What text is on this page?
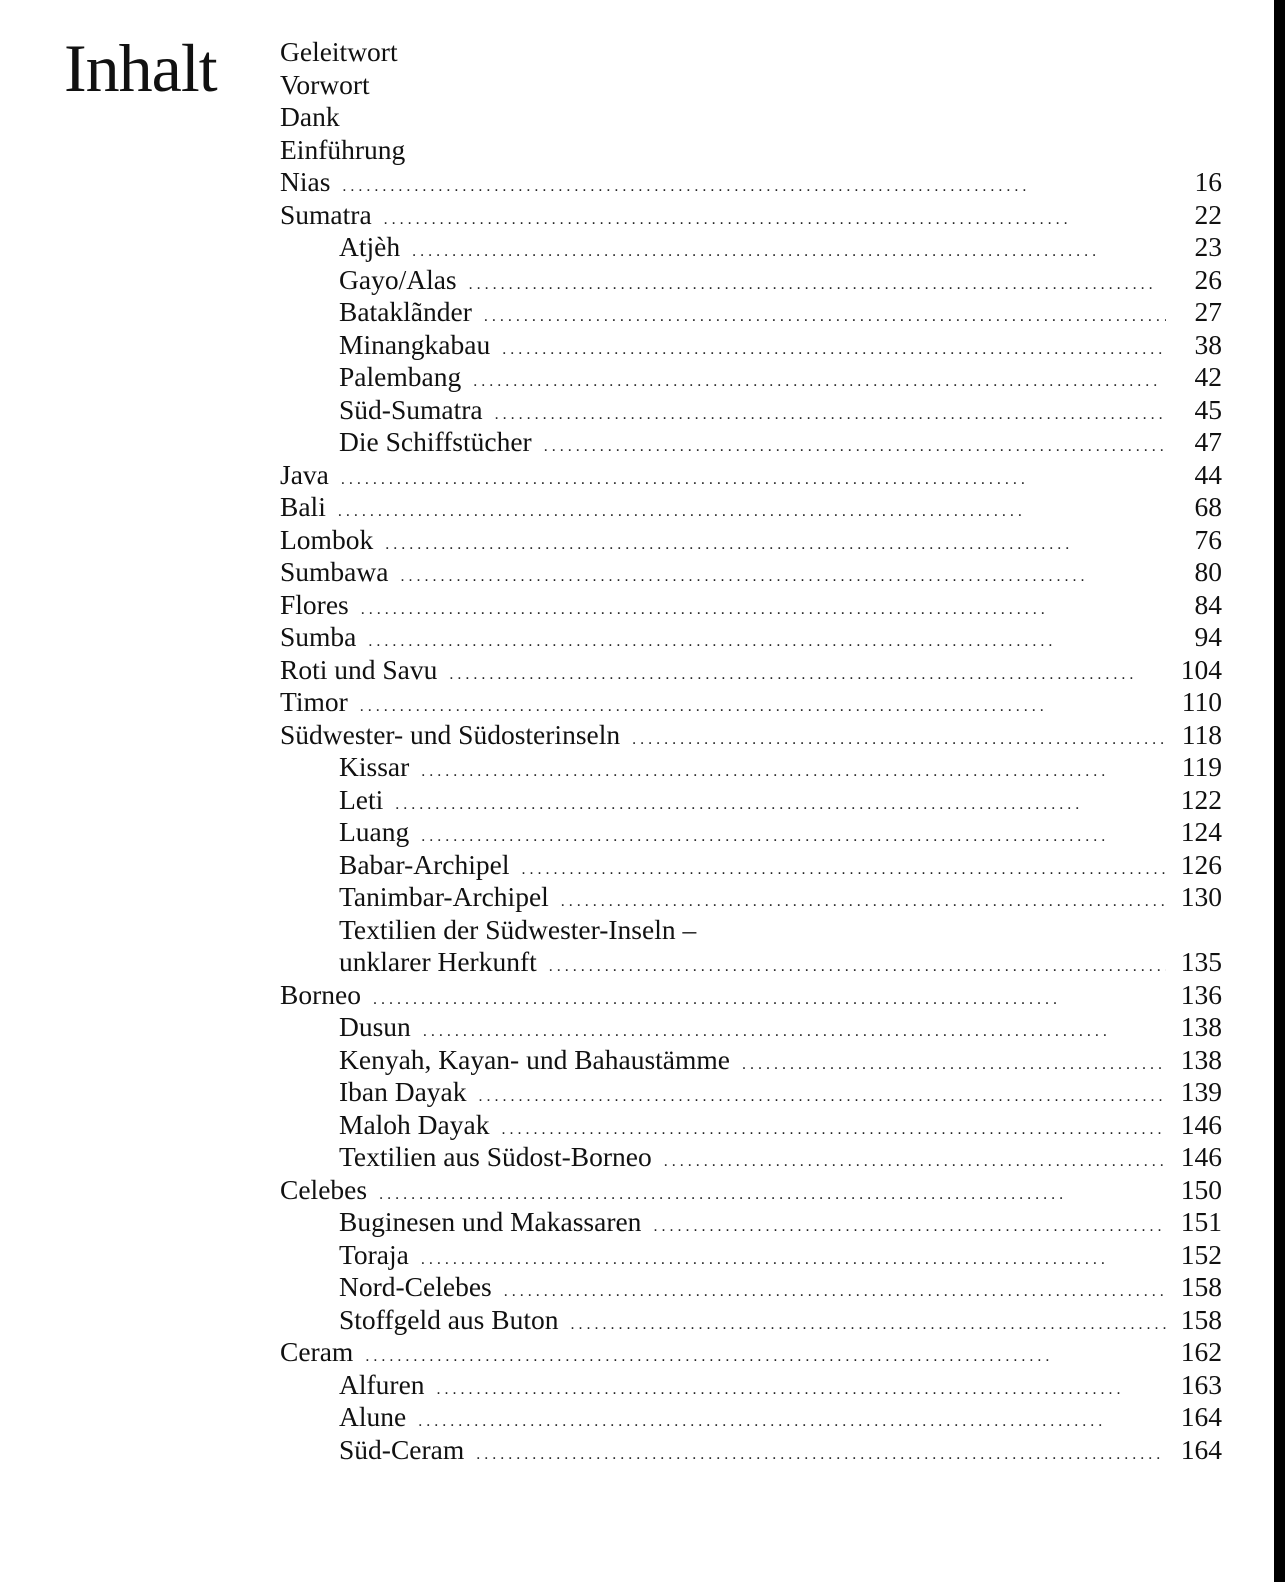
Inhalt Geleitwort
Vorwort
Dank
Einführung
Nias . . .	16
Sumatra . . .	22
Atjèh . . .	23
Gayo/Alas . . .	26
Bataklãnder . . .	27
Minangkabau . . .	38
Palembang . . .	42
Süd-Sumatra . . .	45
Die Schiffstücher . . .	47
Java . . .	44
Bali . . .	68
Lombok . . .	76
Sumbawa . . .	80
Flores . . .	84
Sumba . . .	94
Roti und Savu . . .	104
Timor . . .	110
Südwester- und Südosterinseln . . .	118
Kissar . . .	119
Leti . . .	122
Luang . . .	124
Babar-Archipel . . .	126
Tanimbar-Archipel . . .	130
Textilien der Südwester-Inseln –
unklarer Herkunft . . .	135
Borneo . . .	136
Dusun . . .	138
Kenyah, Kayan- und Bahaustämme . . .	138
Iban Dayak . . .	139
Maloh Dayak . . .	146
Textilien aus Südost-Borneo . . .	146
Celebes . . .	150
Buginesen und Makassaren . . .	151
Toraja . . .	152
Nord-Celebes . . .	158
Stoffgeld aus Buton . . .	158
Ceram . . .	162
Alfuren . . .	163
Alune . . .	164
Süd-Ceram . . .	164
